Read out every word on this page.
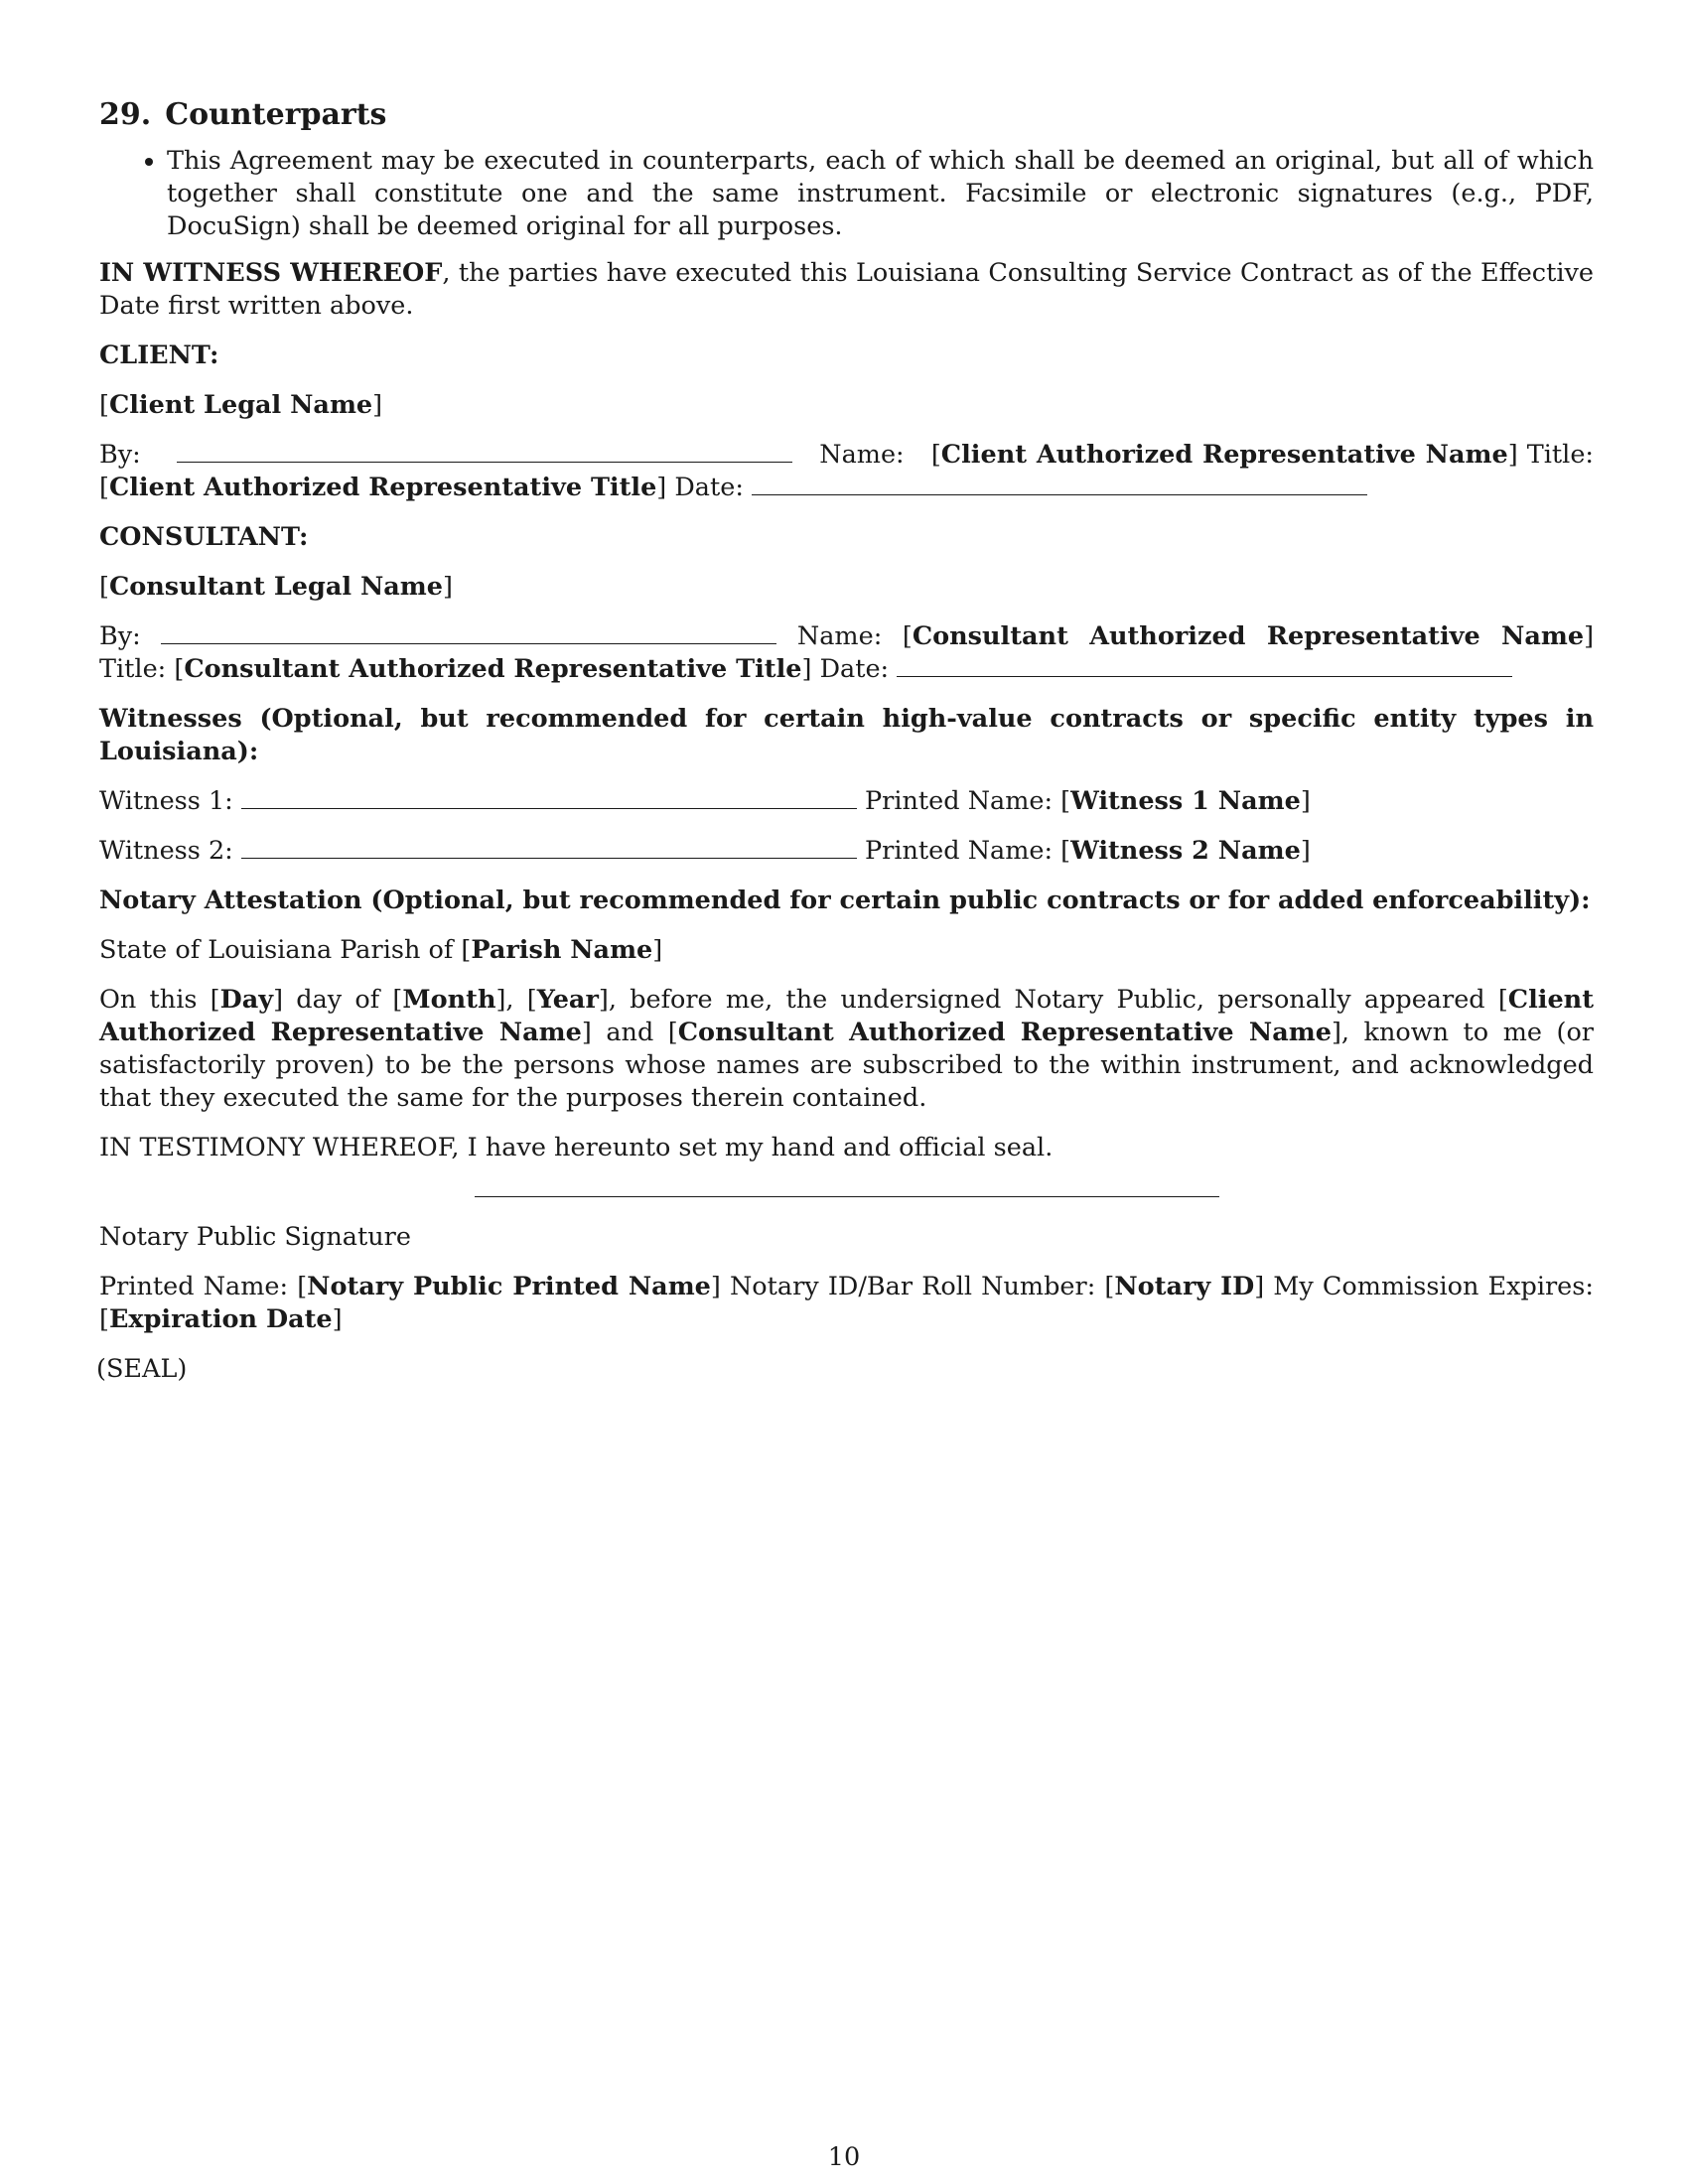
29. Counterparts
• This Agreement may be executed in counterparts, each of which shall be deemed an original, but all of which together shall constitute one and the same instrument. Facsimile or electronic signatures (e.g., PDF, DocuSign) shall be deemed original for all purposes.

IN WITNESS WHEREOF, the parties have executed this Louisiana Consulting Service Contract as of the Effective Date first written above.

CLIENT:

[Client Legal Name]

By:	Name:   [Client Authorized Representative Name] Title: [Client Authorized Representative Title] Date:

CONSULTANT:

[Consultant Legal Name]

By:	Name: [Consultant Authorized Representative Name] Title: [Consultant Authorized Representative Title] Date:

Witnesses (Optional, but recommended for certain high-value contracts or specific entity types in Louisiana):

Witness 1:	Printed Name: [Witness 1 Name]

Witness 2:	Printed Name: [Witness 2 Name]

Notary Attestation (Optional, but recommended for certain public contracts or for added enforceability):

State of Louisiana Parish of [Parish Name]

On this [Day] day of [Month], [Year], before me, the undersigned Notary Public, personally appeared [Client Authorized Representative Name] and [Consultant Authorized Representative Name], known to me (or satisfactorily proven) to be the persons whose names are subscribed to the within instrument, and acknowledged that they executed the same for the purposes therein contained.

IN TESTIMONY WHEREOF, I have hereunto set my hand and official seal.

Notary Public Signature

Printed Name: [Notary Public Printed Name] Notary ID/Bar Roll Number: [Notary ID] My Commission Expires: [Expiration Date]

(SEAL)

10
